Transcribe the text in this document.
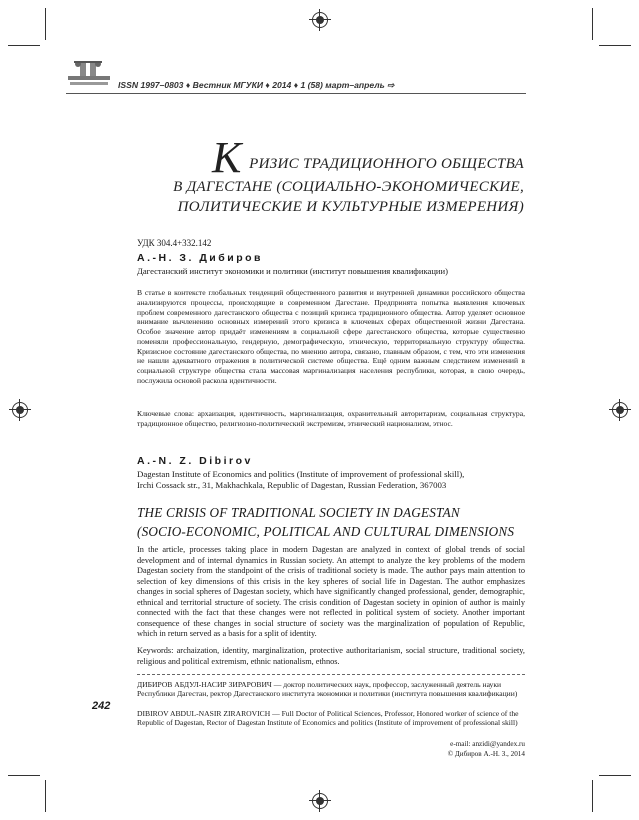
ISSN 1997–0803 ♦ Вестник МГУКИ ♦ 2014 ♦ 1 (58) март–апрель ⇨
К РИЗИС ТРАДИЦИОННОГО ОБЩЕСТВА
В ДАГЕСТАНЕ (СОЦИАЛЬНО-ЭКОНОМИЧЕСКИЕ,
ПОЛИТИЧЕСКИЕ И КУЛЬТУРНЫЕ ИЗМЕРЕНИЯ)
УДК 304.4+332.142
А.-Н. З. Дибиров
Дагестанский институт экономики и политики (институт повышения квалификации)
В статье в контексте глобальных тенденций общественного развития и внутренней динамики российского общества анализируются процессы, происходящие в современном Дагестане. Предпринята попытка выявления ключевых проблем современного дагестанского общества с позиций кризиса традиционного общества. Автор уделяет основное внимание вычленению основных измерений этого кризиса в ключевых сферах общественной жизни Дагестана. Особое значение автор придаёт изменениям в социальной сфере дагестанского общества, которые существенно поменяли профессиональную, гендерную, демографическую, этническую, территориальную структуру общества. Кризисное состояние дагестанского общества, по мнению автора, связано, главным образом, с тем, что эти изменения не нашли адекватного отражения в политической системе общества. Ещё одним важным следствием изменений в социальной структуре общества стала массовая маргинализация населения республики, которая, в свою очередь, послужила основой раскола идентичности.
Ключевые слова: архаизация, идентичность, маргинализация, охранительный авторитаризм, социальная структура, традиционное общество, религиозно-политический экстремизм, этнический национализм, этнос.
A.-N. Z. Dibirov
Dagestan Institute of Economics and politics (Institute of improvement of professional skill),
Irchi Cossack str., 31, Makhachkala, Republic of Dagestan, Russian Federation, 367003
THE CRISIS OF TRADITIONAL SOCIETY IN DAGESTAN
(SOCIO-ECONOMIC, POLITICAL AND CULTURAL DIMENSIONS
In the article, processes taking place in modern Dagestan are analyzed in context of global trends of social development and of internal dynamics in Russian society. An attempt to analyze the key problems of the modern Dagestan society from the standpoint of the crisis of traditional society is made. The author pays main attention to selection of key dimensions of this crisis in the key spheres of social life in Dagestan. The author emphasizes changes in social spheres of Dagestan society, which have significantly changed professional, gender, demographic, ethnical and territorial structure of society. The crisis condition of Dagestan society in opinion of author is mainly connected with the fact that these changes were not reflected in political system of society. Another important consequence of these changes in social structure of society was the marginalization of population of Republic, which in return served as a basis for a split of identity.
Keywords: archaization, identity, marginalization, protective authoritarianism, social structure, traditional society, religious and political extremism, ethnic nationalism, ethnos.
242
ДИБИРОВ АБДУЛ-НАСИР ЗИРАРОВИЧ — доктор политических наук, профессор, заслуженный деятель науки Республики Дагестан, ректор Дагестанского института экономики и политики (института повышения квалификации)
DIBIROV ABDUL-NASIR ZIRAROVICH — Full Doctor of Political Sciences, Professor, Honored worker of science of the Republic of Dagestan, Rector of Dagestan Institute of Economics and politics (Institute of improvement of professional skill)
e-mail: anzidi@yandex.ru
© Дибиров А.-Н. З., 2014
